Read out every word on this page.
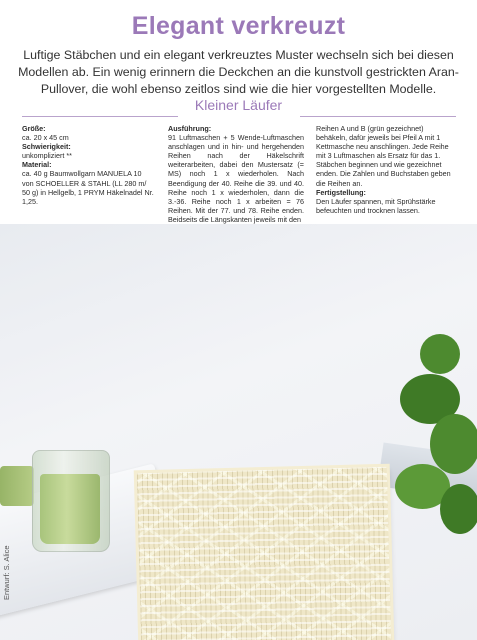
Elegant verkreuzt
Luftige Stäbchen und ein elegant verkreuztes Muster wechseln sich bei diesen Modellen ab. Ein wenig erinnern die Deckchen an die kunstvoll gestrickten Aran-Pullover, die wohl ebenso zeitlos sind wie die hier vorgestellten Modelle.
Kleiner Läufer
Größe:
ca. 20 x 45 cm
Schwierigkeit:
unkompliziert **
Material:
ca. 40 g Baumwollgarn MANUELA 10 von SCHOELLER & STAHL (LL 280 m/ 50 g) in Hellgelb, 1 PRYM Häkelnadel Nr. 1,25.
Ausführung:
91 Luftmaschen + 5 Wende-Luftmaschen anschlagen und in hin- und hergehenden Reihen nach der Häkelschrift weiterarbeiten, dabei den Mustersatz (= MS) noch 1 x wiederholen. Nach Beendigung der 40. Reihe die 39. und 40. Reihe noch 1 x wiederholen, dann die 3.-36. Reihe noch 1 x arbeiten = 76 Reihen. Mit der 77. und 78. Reihe enden. Beidseits die Längskanten jeweils mit den
Reihen A und B (grün gezeichnet) behäkeln, dafür jeweils bei Pfeil A mit 1 Kettmasche neu anschlingen. Jede Reihe mit 3 Luftmaschen als Ersatz für das 1. Stäbchen beginnen und wie gezeichnet enden. Die Zahlen und Buchstaben geben die Reihen an.
Fertigstellung:
Den Läufer spannen, mit Sprühstärke befeuchten und trocknen lassen.
Entwurf: S. Alice
